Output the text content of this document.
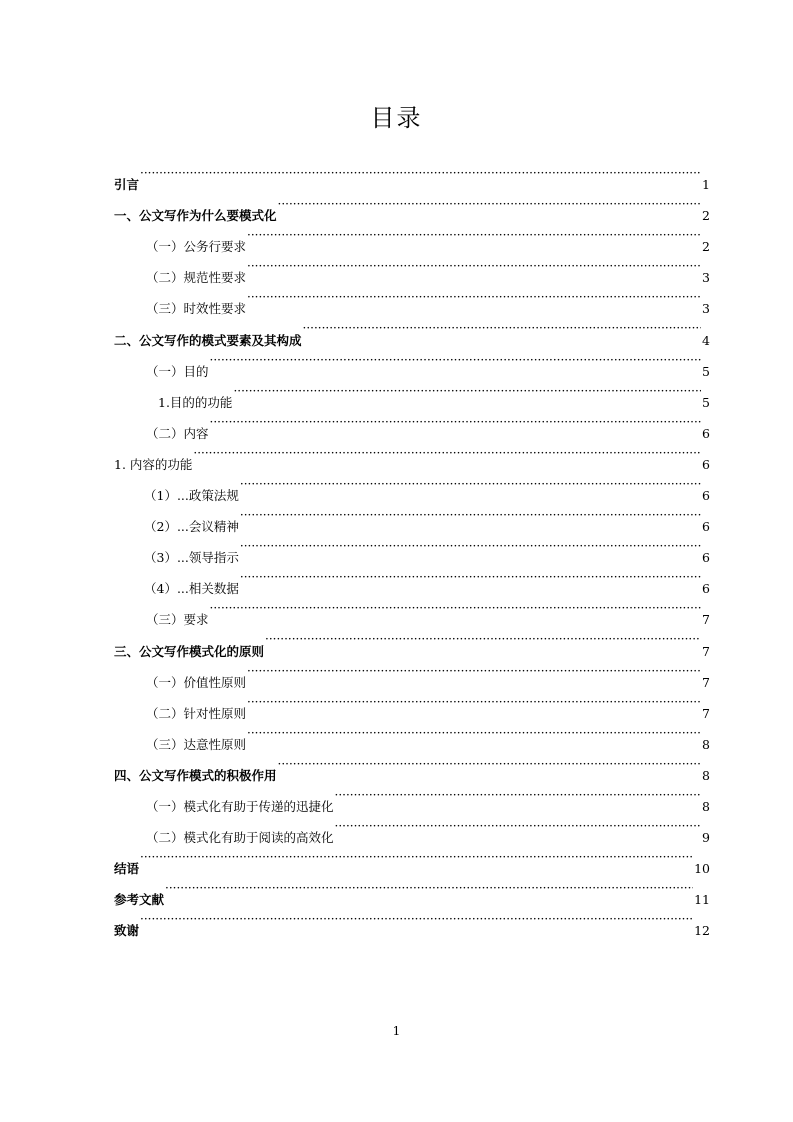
目录
引言 ·····	1
一、公文写作为什么要模式化 ·····	2
（一）公务行要求 ·····	2
（二）规范性要求 ·····	3
（三）时效性要求 ·····	3
二、公文写作的模式要素及其构成 ·····	4
（一）目的 ·····	5
1.目的的功能 ·····	5
（二）内容 ·····	6
1. 内容的功能 ·····	6
（1）...政策法规 ·····	6
（2）...会议精神 ·····	6
（3）...领导指示 ·····	6
（4）...相关数据 ·····	6
（三）要求 ·····	7
三、公文写作模式化的原则 ·····	7
（一）价值性原则 ·····	7
（二）针对性原则 ·····	7
（三）达意性原则 ·····	8
四、公文写作模式的积极作用 ·····	8
（一）模式化有助于传递的迅捷化 ·····	8
（二）模式化有助于阅读的高效化 ·····	9
结语 ·····	10
参考文献 ·····	11
致谢 ·····	12
1
